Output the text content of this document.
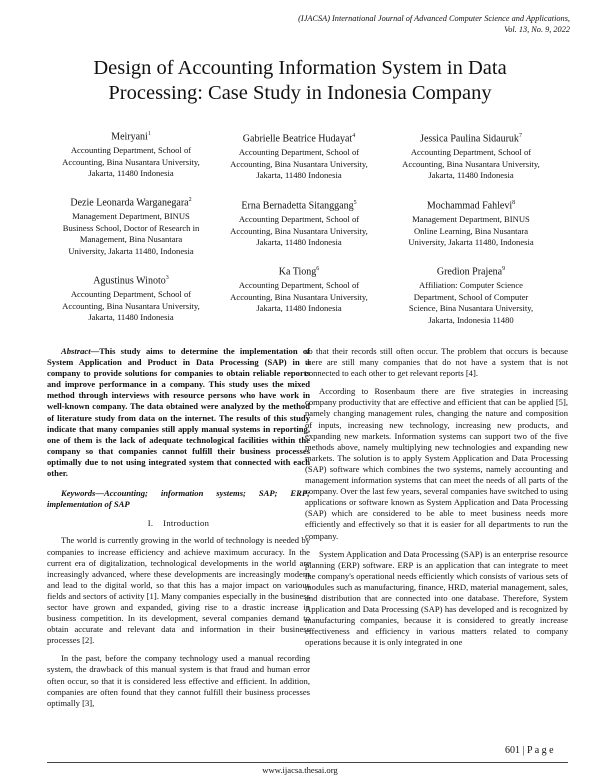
(IJACSA) International Journal of Advanced Computer Science and Applications,
Vol. 13, No. 9, 2022
Design of Accounting Information System in Data
Processing: Case Study in Indonesia Company
Meiryani$^1$
Accounting Department, School of
Accounting, Bina Nusantara University,
Jakarta, 11480 Indonesia
Gabrielle Beatrice Hudayat$^4$
Accounting Department, School of
Accounting, Bina Nusantara University,
Jakarta, 11480 Indonesia
Jessica Paulina Sidauruk$^7$
Accounting Department, School of
Accounting, Bina Nusantara University,
Jakarta, 11480 Indonesia
Dezie Leonarda Warganegara$^2$
Management Department, BINUS
Business School, Doctor of Research in
Management, Bina Nusantara
University, Jakarta 11480, Indonesia
Erna Bernadetta Sitanggang$^5$
Accounting Department, School of
Accounting, Bina Nusantara University,
Jakarta, 11480 Indonesia
Mochammad Fahlevi$^8$
Management Department, BINUS
Online Learning, Bina Nusantara
University, Jakarta 11480, Indonesia
Agustinus Winoto$^3$
Accounting Department, School of
Accounting, Bina Nusantara University,
Jakarta, 11480 Indonesia
Ka Tiong$^6$
Accounting Department, School of
Accounting, Bina Nusantara University,
Jakarta, 11480 Indonesia
Gredion Prajena$^9$
Affiliation: Computer Science
Department, School of Computer
Science, Bina Nusantara University,
Jakarta, Indonesia 11480

Abstract—This study aims to determine the implementation of System Application and Product in Data Processing (SAP) in a company to provide solutions for companies to obtain reliable reports and improve performance in a company. This study uses the mixed method through interviews with resource persons who have work in well-known company. The data obtained were analyzed by the method of literature study from data on the internet. The results of this study indicate that many companies still apply manual systems in reporting, one of them is the lack of adequate technological facilities within the company so that companies cannot fulfill their business processes optimally due to not using integrated system that connected with each other.

Keywords—Accounting; information systems; SAP; ERP; implementation of SAP

I. Introduction

The world is currently growing in the world of technology is needed by companies to increase efficiency and achieve maximum accuracy. In the current era of digitalization, technological developments in the world are increasingly advanced, where these developments are increasingly modern and lead to the digital world, so that this has a major impact on various fields and sectors of activity [1]. Many companies especially in the business sector have grown and expanded, giving rise to a drastic increase in business competition. In its development, several companies demand to obtain accurate and relevant data and information in their business processes [2].

In the past, before the company technology used a manual recording system, the drawback of this manual system is that fraud and human error often occur, so that it is considered less effective and efficient. In addition, companies are often found that they cannot fulfill their business processes optimally [3],

so that their records still often occur. The problem that occurs is because there are still many companies that do not have a system that is not connected to each other to get relevant reports [4].

According to Rosenbaum there are five strategies in increasing company productivity that are effective and efficient that can be applied [5], namely changing management rules, changing the nature and composition of inputs, increasing new technology, increasing new products, and expanding new markets. Information systems can support two of the five methods above, namely multiplying new technologies and expanding new markets. The solution is to apply System Application and Data Processing (SAP) software which combines the two systems, namely accounting and management information systems that can meet the needs of all parts of the company. Over the last few years, several companies have switched to using applications or software known as System Application and Data Processing (SAP) which are considered to be able to meet business needs more efficiently and effectively so that it is easier for all departments to run the company.

System Application and Data Processing (SAP) is an enterprise resource planning (ERP) software. ERP is an application that can integrate to meet the company's operational needs efficiently which consists of various sets of modules such as manufacturing, finance, HRD, material management, sales, and distribution that are connected into one database. Therefore, System Application and Data Processing (SAP) has developed and is recognized by manufacturing companies, because it is considered to greatly increase effectiveness and efficiency in various matters related to company operations because it is only integrated in one

601 | P a g e
www.ijacsa.thesai.org
